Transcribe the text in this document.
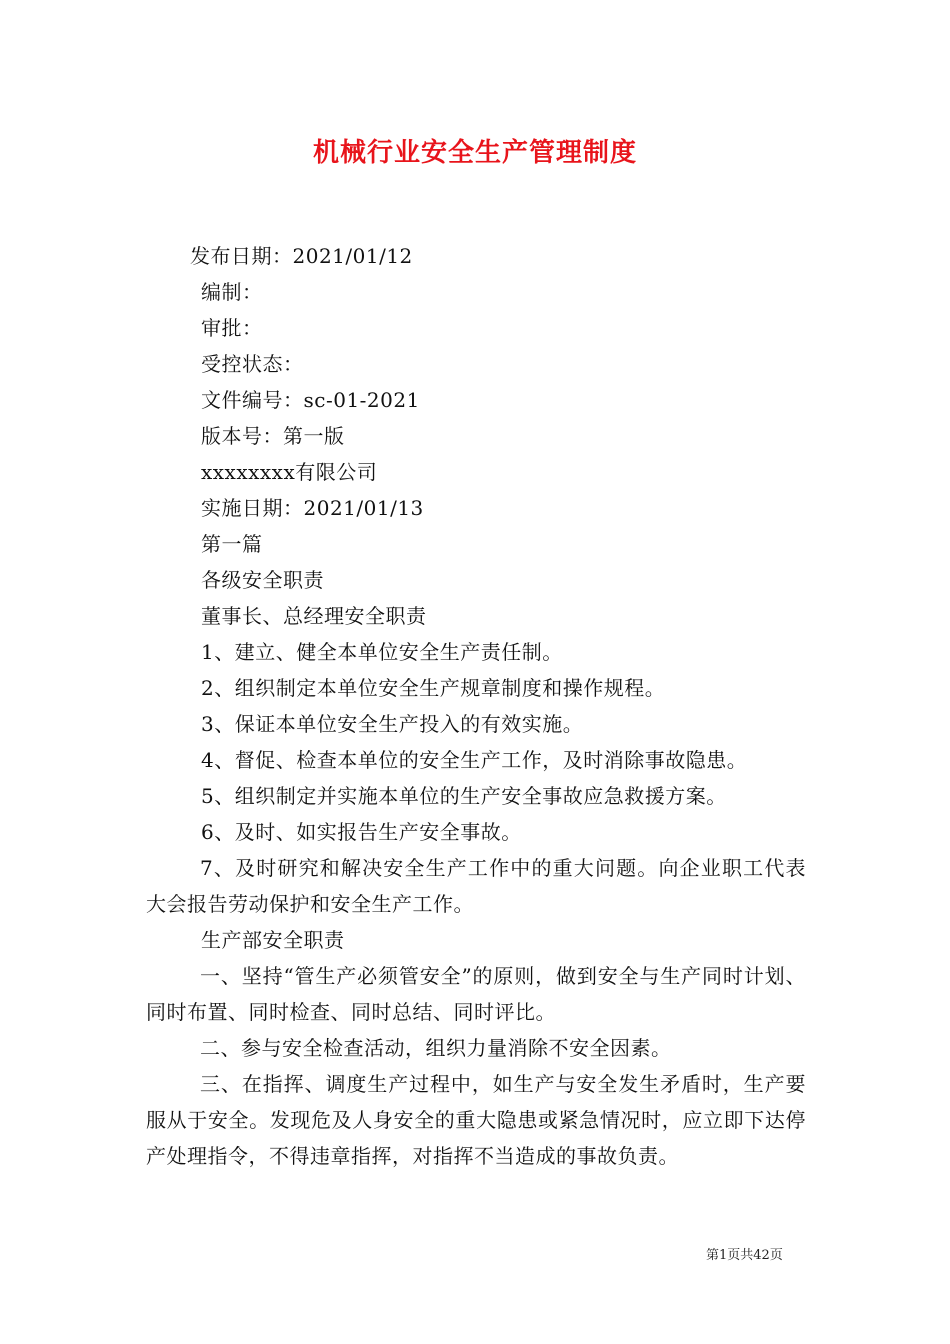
机械行业安全生产管理制度
发布日期：2021/01/12
编制：
审批：
受控状态：
文件编号：sc-01-2021
版本号：第一版
xxxxxxxx有限公司
实施日期：2021/01/13
第一篇
各级安全职责
董事长、总经理安全职责
1、建立、健全本单位安全生产责任制。
2、组织制定本单位安全生产规章制度和操作规程。
3、保证本单位安全生产投入的有效实施。
4、督促、检查本单位的安全生产工作，及时消除事故隐患。
5、组织制定并实施本单位的生产安全事故应急救援方案。
6、及时、如实报告生产安全事故。
7、及时研究和解决安全生产工作中的重大问题。向企业职工代表大会报告劳动保护和安全生产工作。
生产部安全职责
一、坚持“管生产必须管安全”的原则，做到安全与生产同时计划、同时布置、同时检查、同时总结、同时评比。
二、参与安全检查活动，组织力量消除不安全因素。
三、在指挥、调度生产过程中，如生产与安全发生矛盾时，生产要服从于安全。发现危及人身安全的重大隐患或紧急情况时，应立即下达停产处理指令，不得违章指挥，对指挥不当造成的事故负责。
第1页共42页
